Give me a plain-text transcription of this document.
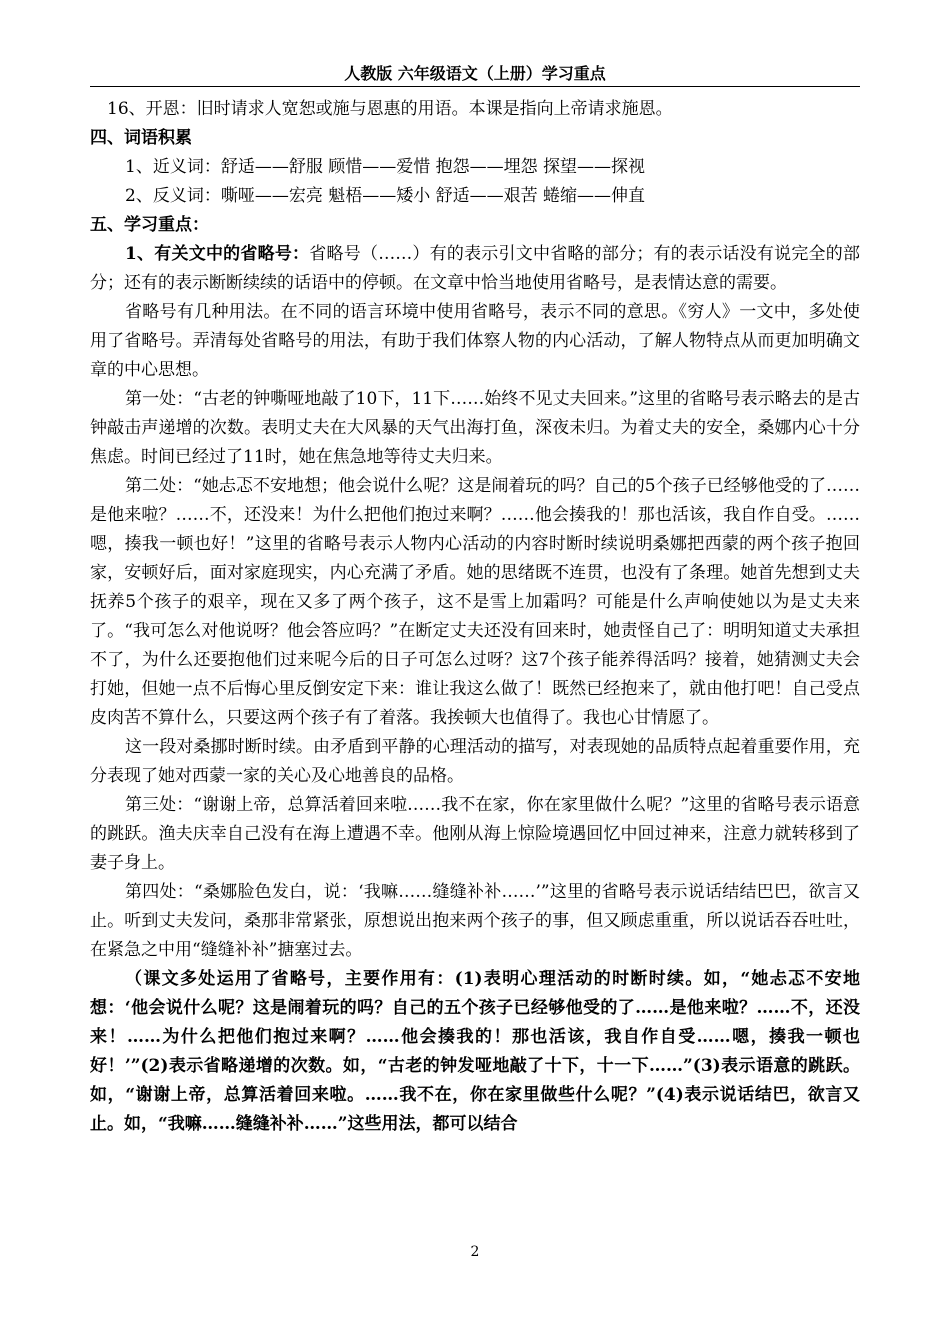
人教版 六年级语文（上册）学习重点

16、开恩：旧时请求人宽恕或施与恩惠的用语。本课是指向上帝请求施恩。

四、词语积累

1、近义词：舒适——舒服 顾惜——爱惜 抱怨——埋怨 探望——探视

2、反义词：嘶哑——宏亮 魁梧——矮小 舒适——艰苦 蜷缩——伸直

五、学习重点：

1、有关文中的省略号：省略号（……）有的表示引文中省略的部分；有的表示话没有说完全的部分；还有的表示断断续续的话语中的停顿。在文章中恰当地使用省略号，是表情达意的需要。

省略号有几种用法。在不同的语言环境中使用省略号，表示不同的意思。《穷人》一文中，多处使用了省略号。弄清每处省略号的用法，有助于我们体察人物的内心活动，了解人物特点从而更加明确文章的中心思想。

第一处：“古老的钟嘶哑地敲了10下，11下……始终不见丈夫回来。”这里的省略号表示略去的是古钟敲击声递增的次数。表明丈夫在大风暴的天气出海打鱼，深夜未归。为着丈夫的安全，桑娜内心十分焦虑。时间已经过了11时，她在焦急地等待丈夫归来。

第二处：“她忐忑不安地想；他会说什么呢？这是闹着玩的吗？自己的5个孩子已经够他受的了……是他来啦？……不，还没来！为什么把他们抱过来啊？……他会揍我的！那也活该，我自作自受。……嗯，揍我一顿也好！”这里的省略号表示人物内心活动的内容时断时续说明桑娜把西蒙的两个孩子抱回家，安顿好后，面对家庭现实，内心充满了矛盾。她的思绪既不连贯，也没有了条理。她首先想到丈夫抚养5个孩子的艰辛，现在又多了两个孩子，这不是雪上加霜吗？可能是什么声响使她以为是丈夫来了。“我可怎么对他说呀？他会答应吗？”在断定丈夫还没有回来时，她责怪自己了：明明知道丈夫承担不了，为什么还要抱他们过来呢今后的日子可怎么过呀？这7个孩子能养得活吗？接着，她猜测丈夫会打她，但她一点不后悔心里反倒安定下来：谁让我这么做了！既然已经抱来了，就由他打吧！自己受点皮肉苦不算什么，只要这两个孩子有了着落。我挨顿大也值得了。我也心甘情愿了。

这一段对桑挪时断时续。由矛盾到平静的心理活动的描写，对表现她的品质特点起着重要作用，充分表现了她对西蒙一家的关心及心地善良的品格。

第三处：“谢谢上帝，总算活着回来啦……我不在家，你在家里做什么呢？”这里的省略号表示语意的跳跃。渔夫庆幸自己没有在海上遭遇不幸。他刚从海上惊险境遇回忆中回过神来，注意力就转移到了妻子身上。

第四处：“桑娜脸色发白，说：‘我嘛……缝缝补补……’”这里的省略号表示说话结结巴巴，欲言又止。听到丈夫发问，桑那非常紧张，原想说出抱来两个孩子的事，但又顾虑重重，所以说话吞吞吐吐，在紧急之中用“缝缝补补”搪塞过去。

（课文多处运用了省略号，主要作用有：(1)表明心理活动的时断时续。如，“她忐忑不安地想：‘他会说什么呢？这是闹着玩的吗？自己的五个孩子已经够他受的了……是他来啦？……不，还没来！……为什么把他们抱过来啊？……他会揍我的！那也活该，我自作自受……嗯，揍我一顿也好！’”(2)表示省略递增的次数。如，“古老的钟发哑地敲了十下，十一下……”(3)表示语意的跳跃。如，“谢谢上帝，总算活着回来啦。……我不在，你在家里做些什么呢？”(4)表示说话结巴，欲言又止。如，“我嘛……缝缝补补……”这些用法，都可以结合

2
